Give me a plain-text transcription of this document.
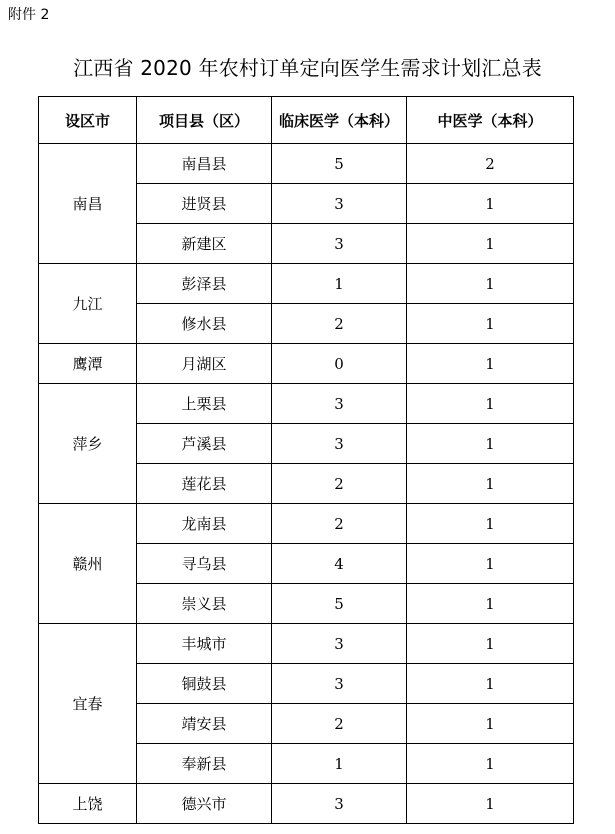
附件 2
江西省 2020 年农村订单定向医学生需求计划汇总表
设区市	项目县（区）	临床医学（本科）	中医学（本科）
南昌	南昌县	5	2
	进贤县	3	1
	新建区	3	1
九江	彭泽县	1	1
	修水县	2	1
鹰潭	月湖区	0	1
萍乡	上栗县	3	1
	芦溪县	3	1
	莲花县	2	1
赣州	龙南县	2	1
	寻乌县	4	1
	崇义县	5	1
宜春	丰城市	3	1
	铜鼓县	3	1
	靖安县	2	1
	奉新县	1	1
上饶	德兴市	3	1
